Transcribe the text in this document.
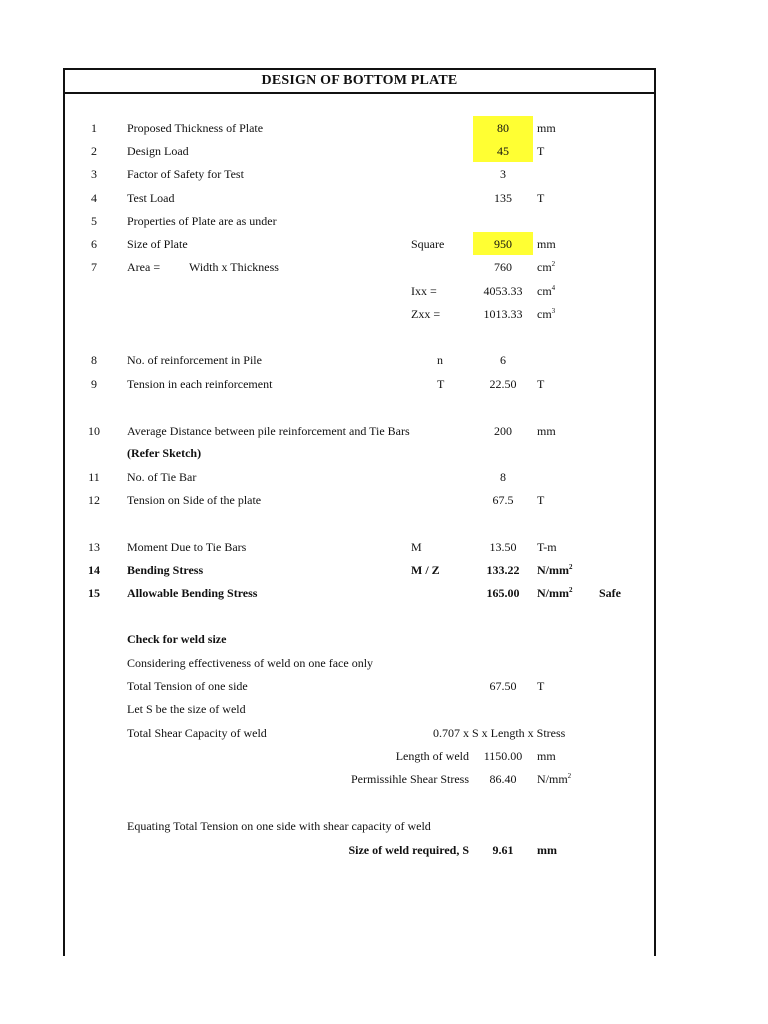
DESIGN OF BOTTOM PLATE
1	Proposed Thickness of Plate	80	mm
2	Design Load	45	T
3	Factor of Safety for Test	3
4	Test Load	135	T
5	Properties of Plate are as under
6	Size of Plate	Square	950	mm
7	Area = Width x Thickness	760	$cm^2$
Ixx =	4053.33	$cm^4$
Zxx =	1013.33	$cm^3$
8	No. of reinforcement in Pile	n	6
9	Tension in each reinforcement	T	22.50	T
10	Average Distance between pile reinforcement and Tie Bars	200	mm
(Refer Sketch)
11	No. of Tie Bar	8
12	Tension on Side of the plate	67.5	T
13	Moment Due to Tie Bars	M	13.50	T-m
14	Bending Stress	M / Z	133.22	$N/mm^2$
15	Allowable Bending Stress	165.00	$N/mm^2$ Safe
Check for weld size
Considering effectiveness of weld on one face only
Total Tension of one side	67.50	T
Let S be the size of weld
Total Shear Capacity of weld	0.707 x S x Length x Stress
Length of weld	1150.00	mm
Permissihle Shear Stress	86.40	$N/mm^2$
Equating Total Tension on one side with shear capacity of weld
Size of weld required, S	9.61	mm
